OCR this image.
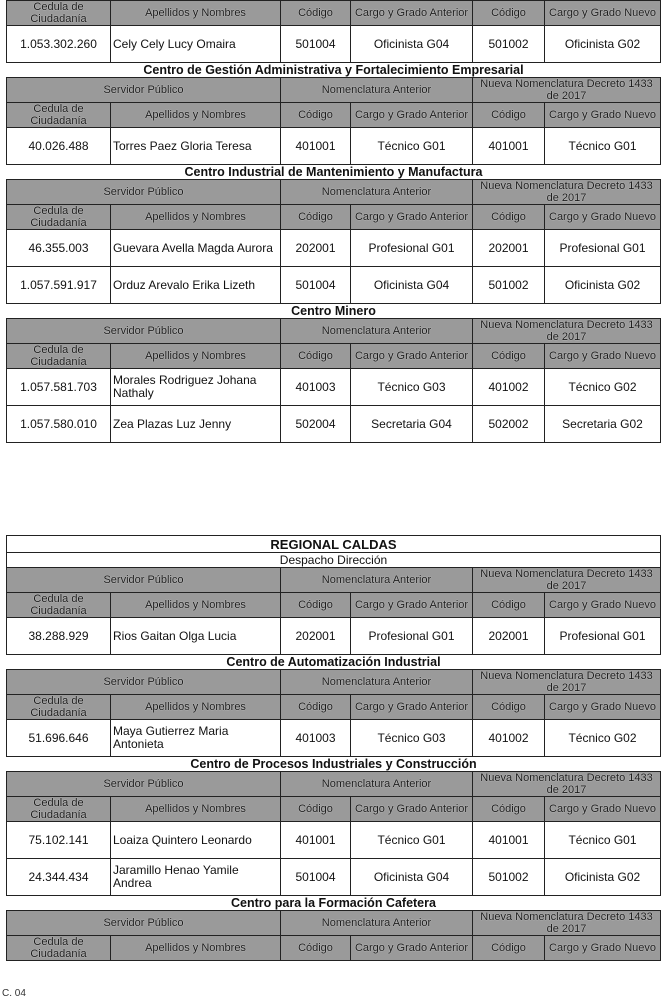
Cedula de Ciudadanía	Apellidos y Nombres	Código	Cargo y Grado Anterior	Código	Cargo y Grado Nuevo
1.053.302.260	Cely Cely Lucy Omaira	501004	Oficinista G04	501002	Oficinista G02
Centro de Gestión Administrativa y Fortalecimiento Empresarial					
Servidor Público		Nomenclatura Anterior		Nueva Nomenclatura Decreto 1433 de 2017	
Cedula de Ciudadanía	Apellidos y Nombres	Código	Cargo y Grado Anterior	Código	Cargo y Grado Nuevo
40.026.488	Torres Paez Gloria Teresa	401001	Técnico G01	401001	Técnico G01
Centro Industrial de Mantenimiento y Manufactura					
Servidor Público		Nomenclatura Anterior		Nueva Nomenclatura Decreto 1433 de 2017	
Cedula de Ciudadanía	Apellidos y Nombres	Código	Cargo y Grado Anterior	Código	Cargo y Grado Nuevo
46.355.003	Guevara Avella Magda Aurora	202001	Profesional G01	202001	Profesional G01
1.057.591.917	Orduz Arevalo Erika Lizeth	501004	Oficinista G04	501002	Oficinista G02
Centro Minero					
Servidor Público		Nomenclatura Anterior		Nueva Nomenclatura Decreto 1433 de 2017	
Cedula de Ciudadanía	Apellidos y Nombres	Código	Cargo y Grado Anterior	Código	Cargo y Grado Nuevo
1.057.581.703	Morales Rodriguez Johana Nathaly	401003	Técnico G03	401002	Técnico G02
1.057.580.010	Zea Plazas Luz Jenny	502004	Secretaria G04	502002	Secretaria G02
REGIONAL CALDAS					
Despacho Dirección					
Servidor Público		Nomenclatura Anterior		Nueva Nomenclatura Decreto 1433 de 2017	
Cedula de Ciudadanía	Apellidos y Nombres	Código	Cargo y Grado Anterior	Código	Cargo y Grado Nuevo
38.288.929	Rios Gaitan Olga Lucia	202001	Profesional G01	202001	Profesional G01
Centro de Automatización Industrial					
Servidor Público		Nomenclatura Anterior		Nueva Nomenclatura Decreto 1433 de 2017	
Cedula de Ciudadanía	Apellidos y Nombres	Código	Cargo y Grado Anterior	Código	Cargo y Grado Nuevo
51.696.646	Maya Gutierrez Maria Antonieta	401003	Técnico G03	401002	Técnico G02
Centro de Procesos Industriales y Construcción					
Servidor Público		Nomenclatura Anterior		Nueva Nomenclatura Decreto 1433 de 2017	
Cedula de Ciudadanía	Apellidos y Nombres	Código	Cargo y Grado Anterior	Código	Cargo y Grado Nuevo
75.102.141	Loaiza Quintero Leonardo	401001	Técnico G01	401001	Técnico G01
24.344.434	Jaramillo Henao Yamile Andrea	501004	Oficinista G04	501002	Oficinista G02
Centro para la Formación Cafetera					
Servidor Público		Nomenclatura Anterior		Nueva Nomenclatura Decreto 1433 de 2017	
Cedula de Ciudadanía	Apellidos y Nombres	Código	Cargo y Grado Anterior	Código	Cargo y Grado Nuevo
C. 04
